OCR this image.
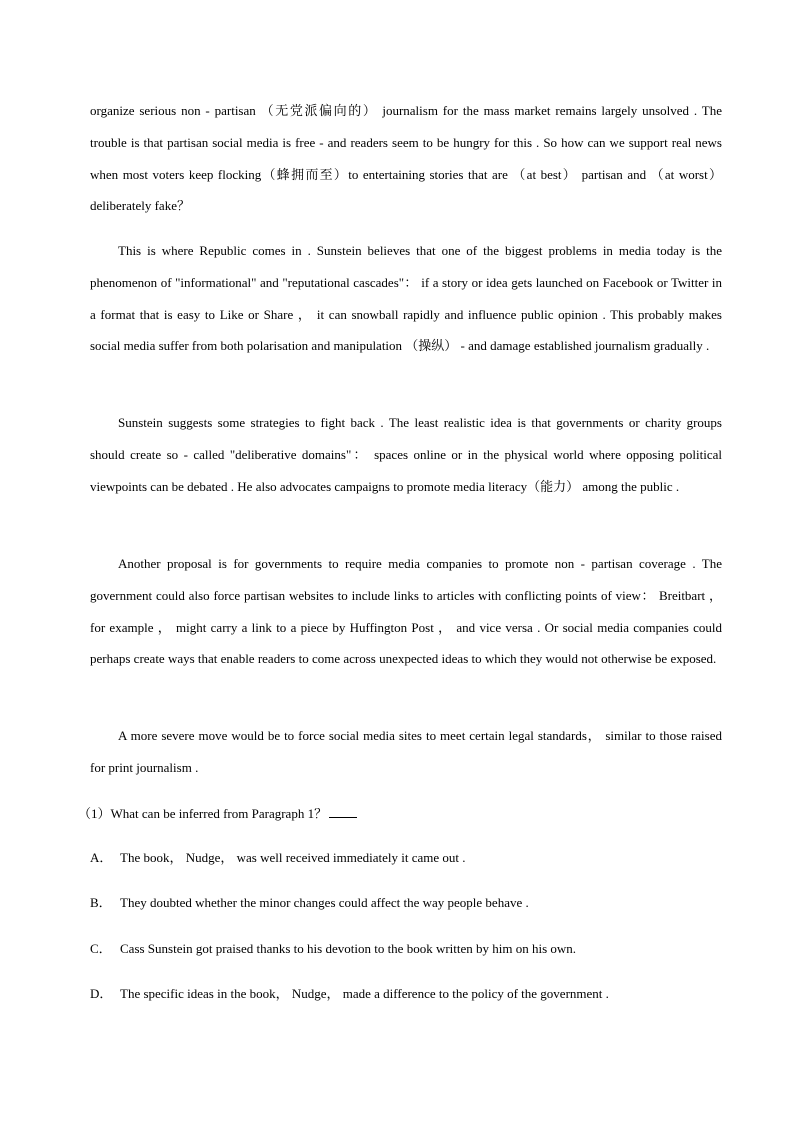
organize serious non - partisan （无党派偏向的） journalism for the mass market remains largely unsolved . The trouble is that partisan social media is free - and readers seem to be hungry for this . So how can we support real news when most voters keep flocking（蜂拥而至）to entertaining stories that are （at best） partisan and （at worst） deliberately fake？

This is where Republic comes in . Sunstein believes that one of the biggest problems in media today is the phenomenon of "informational" and "reputational cascades"： if a story or idea gets launched on Facebook or Twitter in a format that is easy to Like or Share ， it can snowball rapidly and influence public opinion . This probably makes social media suffer from both polarisation and manipulation （操纵） - and damage established journalism gradually .

Sunstein suggests some strategies to fight back . The least realistic idea is that governments or charity groups should create so - called "deliberative domains"： spaces online or in the physical world where opposing political viewpoints can be debated . He also advocates campaigns to promote media literacy（能力） among the public .

Another proposal is for governments to require media companies to promote non - partisan coverage . The government could also force partisan websites to include links to articles with conflicting points of view： Breitbart ， for example ， might carry a link to a piece by Huffington Post ， and vice versa . Or social media companies could perhaps create ways that enable readers to come across unexpected ideas to which they would not otherwise be exposed.

A more severe move would be to force social media sites to meet certain legal standards， similar to those raised for print journalism .

（1）What can be inferred from Paragraph 1？

A． The book， Nudge， was well received immediately it came out .

B． They doubted whether the minor changes could affect the way people behave .

C． Cass Sunstein got praised thanks to his devotion to the book written by him on his own.

D． The specific ideas in the book， Nudge， made a difference to the policy of the government .
